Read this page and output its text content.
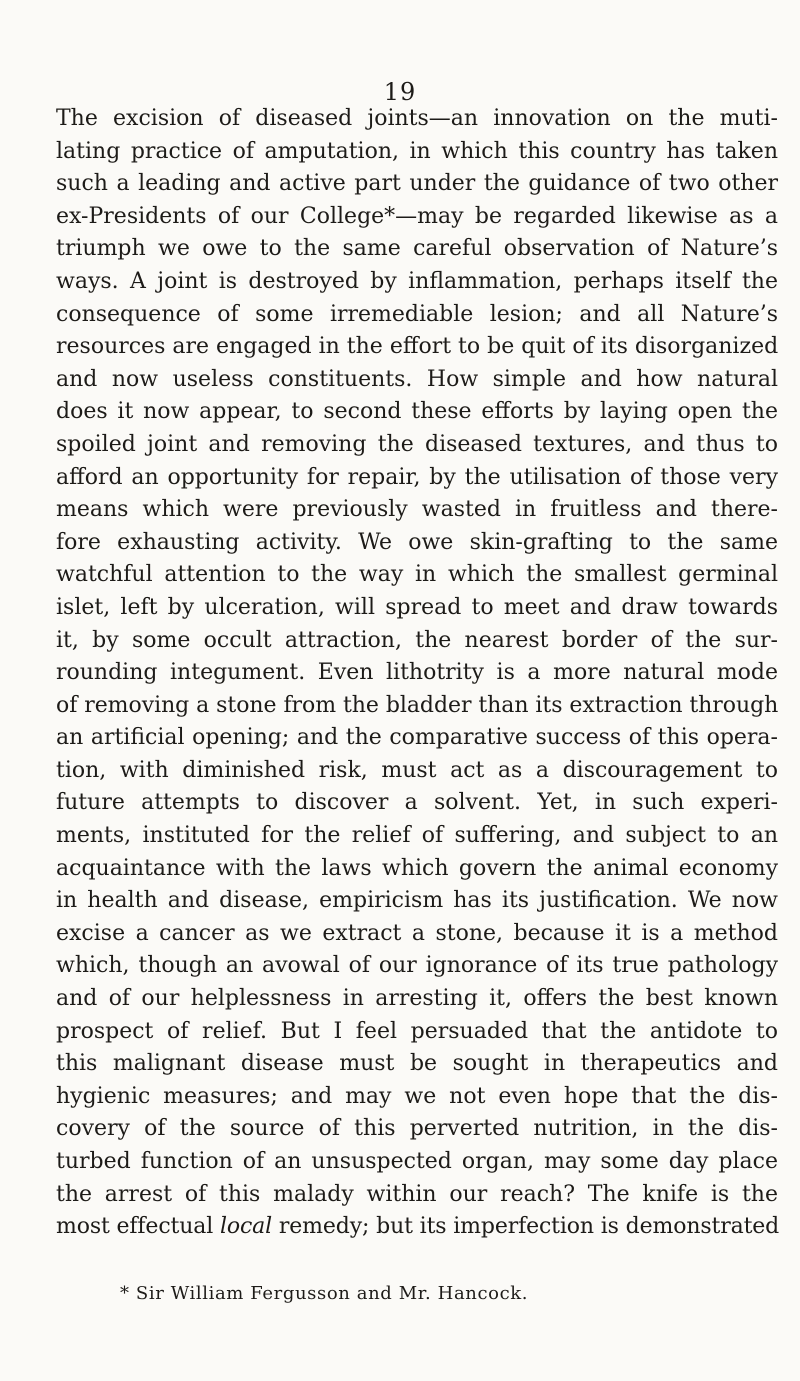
19
The excision of diseased joints—an innovation on the muti-
lating practice of amputation, in which this country has taken
such a leading and active part under the guidance of two other
ex-Presidents of our College*—may be regarded likewise as a
triumph we owe to the same careful observation of Nature’s
ways. A joint is destroyed by inflammation, perhaps itself the
consequence of some irremediable lesion; and all Nature’s
resources are engaged in the effort to be quit of its disorganized
and now useless constituents. How simple and how natural
does it now appear, to second these efforts by laying open the
spoiled joint and removing the diseased textures, and thus to
afford an opportunity for repair, by the utilisation of those very
means which were previously wasted in fruitless and there-
fore exhausting activity. We owe skin-grafting to the same
watchful attention to the way in which the smallest germinal
islet, left by ulceration, will spread to meet and draw towards
it, by some occult attraction, the nearest border of the sur-
rounding integument. Even lithotrity is a more natural mode
of removing a stone from the bladder than its extraction through
an artificial opening; and the comparative success of this opera-
tion, with diminished risk, must act as a discouragement to
future attempts to discover a solvent. Yet, in such experi-
ments, instituted for the relief of suffering, and subject to an
acquaintance with the laws which govern the animal economy
in health and disease, empiricism has its justification. We now
excise a cancer as we extract a stone, because it is a method
which, though an avowal of our ignorance of its true pathology
and of our helplessness in arresting it, offers the best known
prospect of relief. But I feel persuaded that the antidote to
this malignant disease must be sought in therapeutics and
hygienic measures; and may we not even hope that the dis-
covery of the source of this perverted nutrition, in the dis-
turbed function of an unsuspected organ, may some day place
the arrest of this malady within our reach? The knife is the
most effectual local remedy; but its imperfection is demonstrated
* Sir William Fergusson and Mr. Hancock.
